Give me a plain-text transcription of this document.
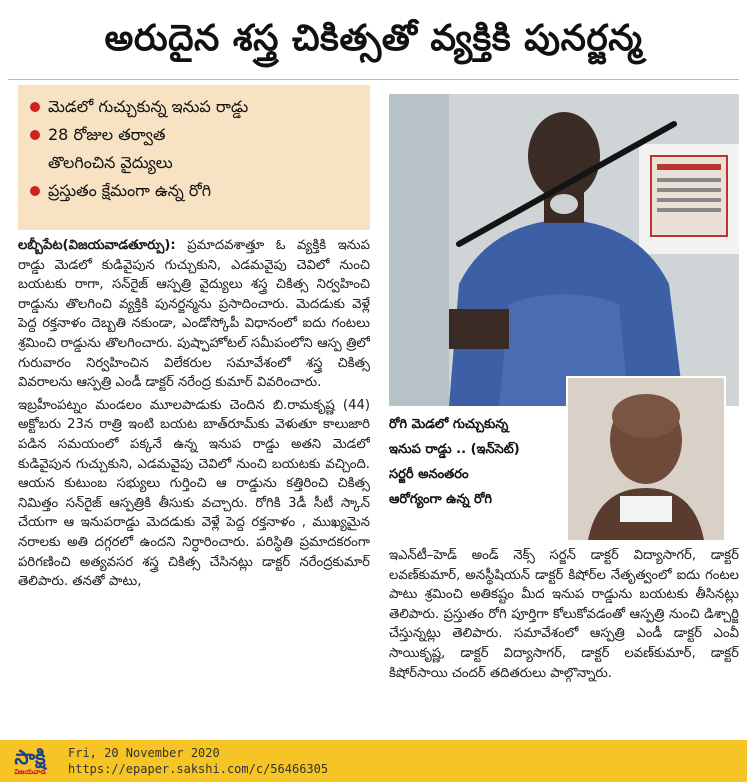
అరుదైన శస్త్ర చికిత్సతో వ్యక్తికి పునర్జన్మ
మెడలో గుచ్చుకున్న ఇనుప రాడ్డు
28 రోజుల తర్వాత
తొలగించిన వైద్యులు
ప్రస్తుతం క్షేమంగా ఉన్న రోగి

లబ్బీపేట(విజయవాడతూర్పు): ప్రమాదవశాత్తూ ఓ వ్యక్తికి ఇనుప రాడ్డు మెడలో కుడివైపున గుచ్చుకుని, ఎడమవైపు చెవిలో నుంచి బయటకు రాగా, సన్‌రైజ్ ఆస్పత్రి వైద్యులు శస్త్ర చికిత్స నిర్వహించి రాడ్డును తొలగించి వ్యక్తికి పునర్జన్మను ప్రసాదించారు. మెదడుకు వెళ్లే పెద్ద రక్తనాళం దెబ్బతి నకుండా, ఎండోస్కోపీ విధానంలో ఐదు గంటలు శ్రమించి రాడ్డును తొలగించారు. పుష్పాహోటల్ సమీపంలోని ఆస్ప త్రిలో గురువారం నిర్వహించిన విలేకరుల సమావేశంలో శస్త్ర చికిత్స వివరాలను ఆస్పత్రి ఎండీ డాక్టర్ నరేంద్ర కుమార్ వివరించారు.

ఇబ్రహీంపట్నం మండలం మూలపాడుకు చెందిన బి.రామకృష్ణ (44) అక్టోబరు 23న రాత్రి ఇంటి బయట బాత్‌రూమ్‌కు వెళుతూ కాలుజారి పడిన సమయంలో పక్కనే ఉన్న ఇనుప రాడ్డు అతని మెడలో కుడివైపున గుచ్చుకుని, ఎడమవైపు చెవిలో నుంచి బయటకు వచ్చింది. ఆయన కుటుంబ సభ్యులు గుర్తించి ఆ రాడ్డును కత్తిరించి చికిత్స నిమిత్తం సన్‌రైజ్ ఆస్పత్రికి తీసుకు వచ్చారు. రోగికి 3డీ సీటీ స్కాన్ చేయగా ఆ ఇనుపరాడ్డు మెదడుకు వెళ్లే పెద్ద రక్తనాళం , ముఖ్యమైన నరాలకు అతి దగ్గరలో ఉందని నిర్ధారించారు. పరిస్థితి ప్రమాదకరంగా పరిగణించి అత్యవసర శస్త్ర చికిత్స చేసినట్లు డాక్టర్ నరేంద్రకుమార్ తెలిపారు. తనతో పాటు,

రోగి మెడలో గుచ్చుకున్న
ఇనుప రాడ్డు .. (ఇన్‌సెట్)
సర్జరీ అనంతరం
ఆరోగ్యంగా ఉన్న రోగి

ఇఎన్‌టీ–హెడ్ అండ్ నెక్స్ సర్జన్ డాక్టర్ విద్యాసాగర్, డాక్టర్ లవణ్‌కుమార్, అనస్థీషియన్ డాక్టర్ కిషోర్‌ల నేతృత్వంలో ఐదు గంటల పాటు శ్రమించి అతికష్టం మీద ఇనుప రాడ్డును బయటకు తీసినట్లు తెలిపారు. ప్రస్తుతం రోగి పూర్తిగా కోలుకోవడంతో ఆస్పత్రి నుంచి డిశ్చార్జి చేస్తున్నట్లు తెలిపారు. సమావేశంలో ఆస్పత్రి ఎండీ డాక్టర్ ఎంవీ సాయికృష్ణ, డాక్టర్ విద్యాసాగర్, డాక్టర్ లవణ్‌కుమార్, డాక్టర్ కిషోర్‌సాయి చందర్ తదితరులు పాల్గొన్నారు.

సాక్షి
విజయవాడ
Fri, 20 November 2020
https://epaper.sakshi.com/c/56466305
